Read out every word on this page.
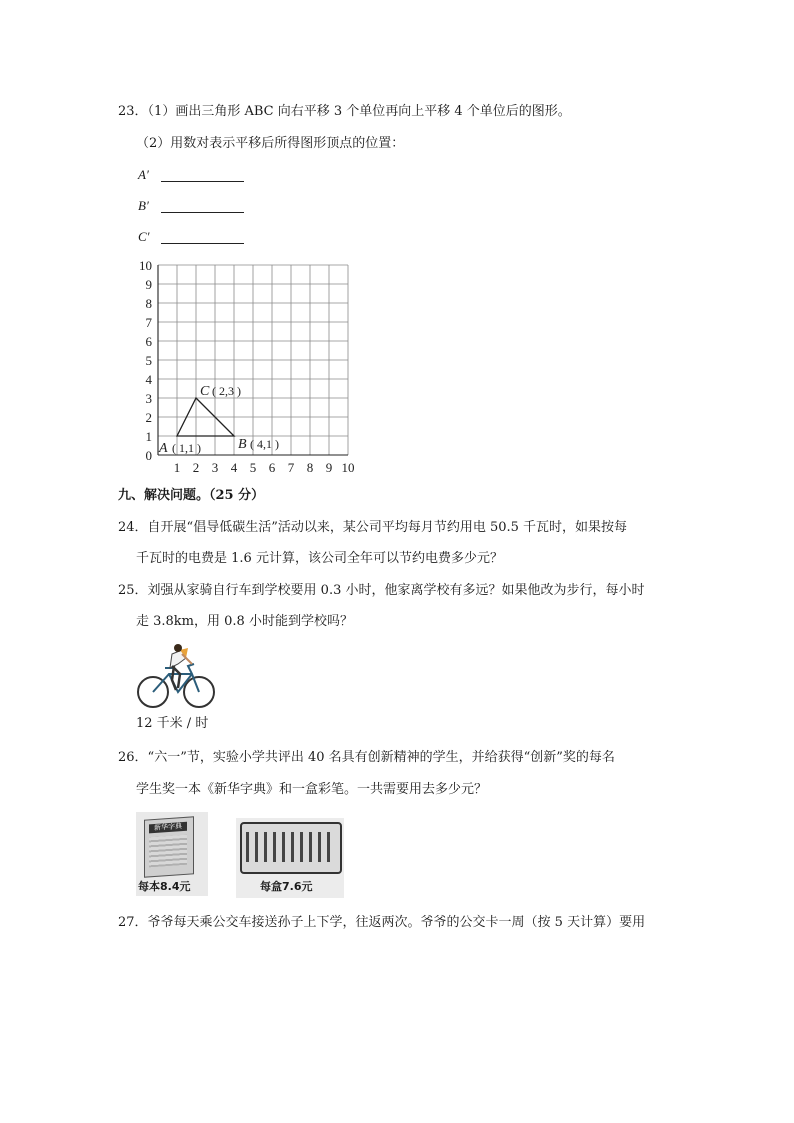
23．（1）画出三角形 ABC 向右平移 3 个单位再向上平移 4 个单位后的图形。
（2）用数对表示平移后所得图形顶点的位置：
A′
B′
C′
0
1
2
3
4
5
6
7
8
9
10
1 2 3 4 5 6 7 8 9 10
A ( 1,1 )	B ( 4,1 )
C ( 2,3 )
九、解决问题。（25 分）
24．自开展“倡导低碳生活”活动以来，某公司平均每月节约用电 50.5 千瓦时，如果按每
千瓦时的电费是 1.6 元计算，该公司全年可以节约电费多少元？
25．刘强从家骑自行车到学校要用 0.3 小时，他家离学校有多远？如果他改为步行，每小时
走 3.8km，用 0.8 小时能到学校吗？
12 千米 / 时
26．“六一”节，实验小学共评出 40 名具有创新精神的学生，并给获得“创新”奖的每名
学生奖一本《新华字典》和一盒彩笔。一共需要用去多少元？
新华字典
每本8.4元	每盒7.6元
27．爷爷每天乘公交车接送孙子上下学，往返两次。爷爷的公交卡一周（按 5 天计算）要用
